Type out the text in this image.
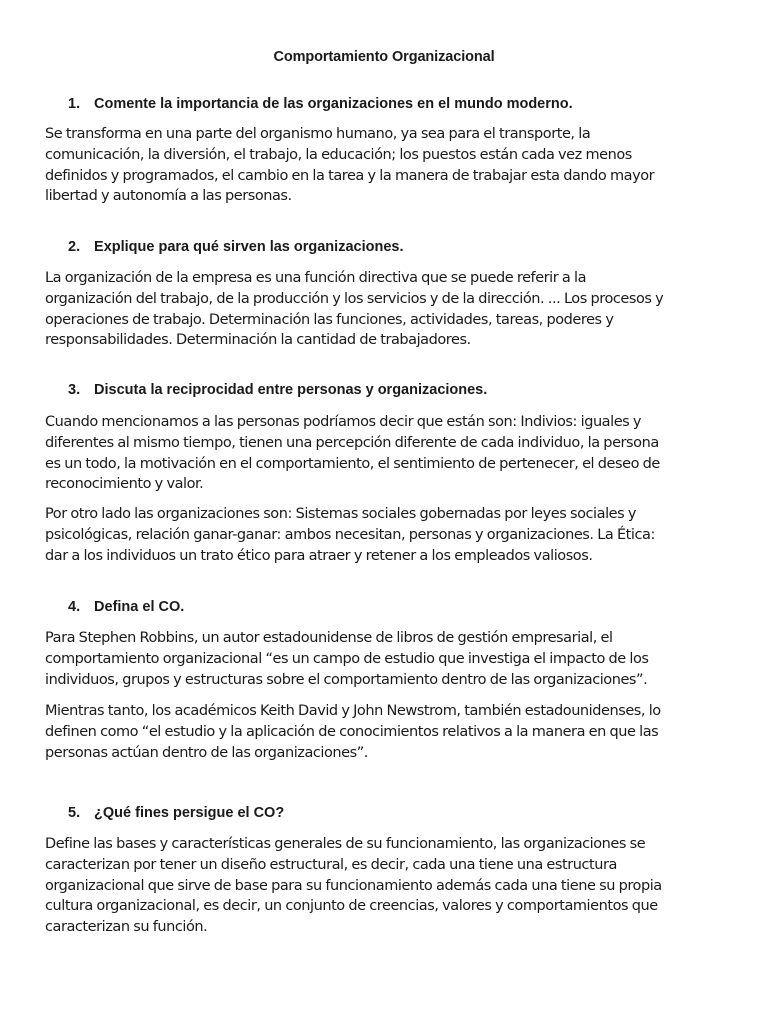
Comportamiento Organizacional
1. Comente la importancia de las organizaciones en el mundo moderno.
Se transforma en una parte del organismo humano, ya sea para el transporte, la
comunicación, la diversión, el trabajo, la educación; los puestos están cada vez menos
definidos y programados, el cambio en la tarea y la manera de trabajar esta dando mayor
libertad y autonomía a las personas.
2. Explique para qué sirven las organizaciones.
La organización de la empresa es una función directiva que se puede referir a la
organización del trabajo, de la producción y los servicios y de la dirección. ... Los procesos y
operaciones de trabajo. Determinación las funciones, actividades, tareas, poderes y
responsabilidades. Determinación la cantidad de trabajadores.
3. Discuta la reciprocidad entre personas y organizaciones.
Cuando mencionamos a las personas podríamos decir que están son: Indivios: iguales y
diferentes al mismo tiempo, tienen una percepción diferente de cada individuo, la persona
es un todo, la motivación en el comportamiento, el sentimiento de pertenecer, el deseo de
reconocimiento y valor.
Por otro lado las organizaciones son: Sistemas sociales gobernadas por leyes sociales y
psicológicas, relación ganar-ganar: ambos necesitan, personas y organizaciones. La Ética:
dar a los individuos un trato ético para atraer y retener a los empleados valiosos.
4. Defina el CO.
Para Stephen Robbins, un autor estadounidense de libros de gestión empresarial, el
comportamiento organizacional “es un campo de estudio que investiga el impacto de los
individuos, grupos y estructuras sobre el comportamiento dentro de las organizaciones”.
Mientras tanto, los académicos Keith David y John Newstrom, también estadounidenses, lo
definen como “el estudio y la aplicación de conocimientos relativos a la manera en que las
personas actúan dentro de las organizaciones”.
5. ¿Qué fines persigue el CO?
Define las bases y características generales de su funcionamiento, las organizaciones se
caracterizan por tener un diseño estructural, es decir, cada una tiene una estructura
organizacional que sirve de base para su funcionamiento además cada una tiene su propia
cultura organizacional, es decir, un conjunto de creencias, valores y comportamientos que
caracterizan su función.
